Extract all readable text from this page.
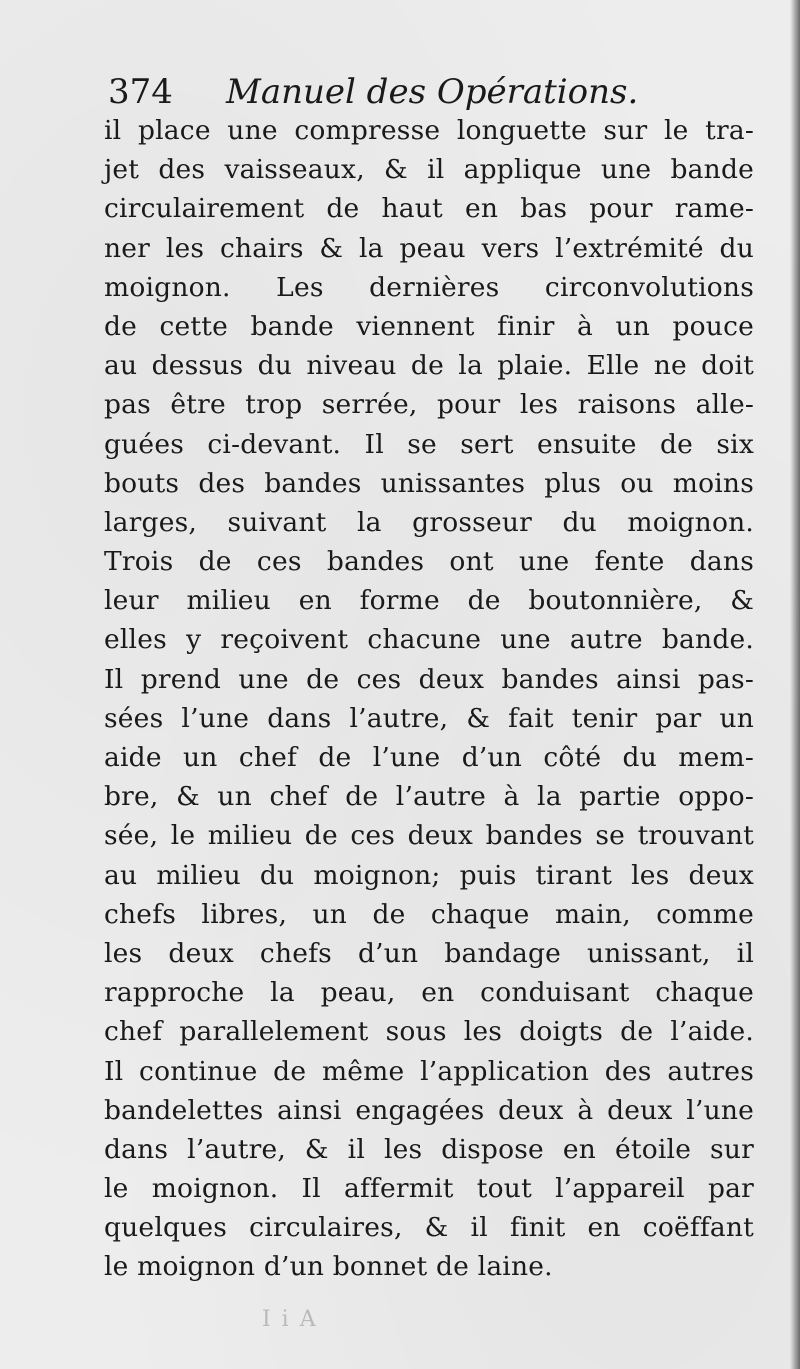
374 Manuel des Opérations.
il place une compresse longuette sur le tra-
jet des vaisseaux, & il applique une bande
circulairement de haut en bas pour rame-
ner les chairs & la peau vers l’extrémité du
moignon. Les dernières circonvolutions
de cette bande viennent finir à un pouce
au dessus du niveau de la plaie. Elle ne doit
pas être trop serrée, pour les raisons alle-
guées ci-devant. Il se sert ensuite de six
bouts des bandes unissantes plus ou moins
larges, suivant la grosseur du moignon.
Trois de ces bandes ont une fente dans
leur milieu en forme de boutonnière, &
elles y reçoivent chacune une autre bande.
Il prend une de ces deux bandes ainsi pas-
sées l’une dans l’autre, & fait tenir par un
aide un chef de l’une d’un côté du mem-
bre, & un chef de l’autre à la partie oppo-
sée, le milieu de ces deux bandes se trouvant
au milieu du moignon; puis tirant les deux
chefs libres, un de chaque main, comme
les deux chefs d’un bandage unissant, il
rapproche la peau, en conduisant chaque
chef parallelement sous les doigts de l’aide.
Il continue de même l’application des autres
bandelettes ainsi engagées deux à deux l’une
dans l’autre, & il les dispose en étoile sur
le moignon. Il affermit tout l’appareil par
quelques circulaires, & il finit en coëffant
le moignon d’un bonnet de laine.
I i A
